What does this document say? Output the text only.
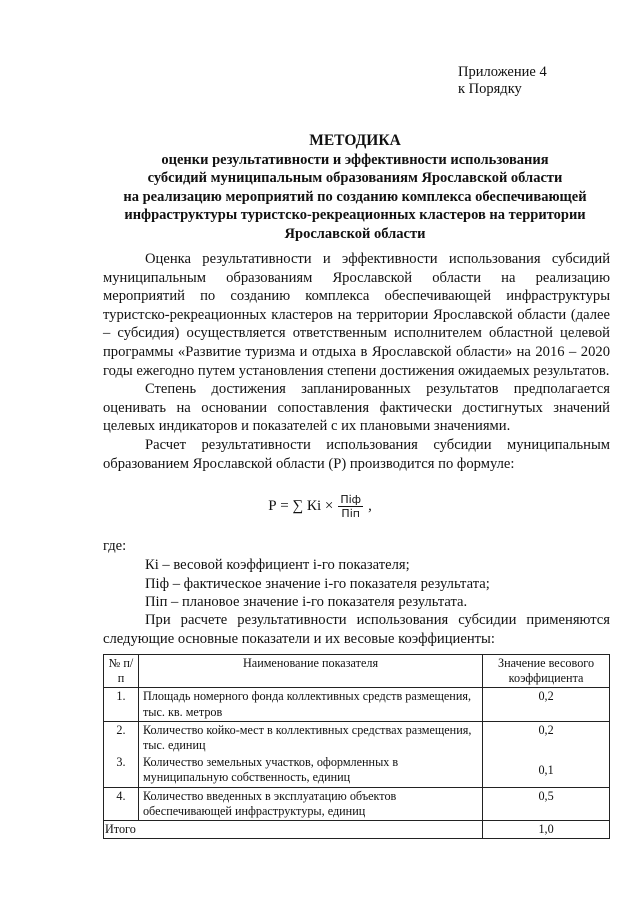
Приложение 4
к Порядку
МЕТОДИКА
оценки результативности и эффективности использования
субсидий муниципальным образованиям Ярославской области
на реализацию мероприятий по созданию комплекса обеспечивающей
инфраструктуры туристско-рекреационных кластеров на территории
Ярославской области

Оценка результативности и эффективности использования субсидий муниципальным образованиям Ярославской области на реализацию мероприятий по созданию комплекса обеспечивающей инфраструктуры туристско-рекреационных кластеров на территории Ярославской области (далее – субсидия) осуществляется ответственным исполнителем областной целевой программы «Развитие туризма и отдыха в Ярославской области» на 2016 – 2020 годы ежегодно путем установления степени достижения ожидаемых результатов.

Степень достижения запланированных результатов предполагается оценивать на основании сопоставления фактически достигнутых значений целевых индикаторов и показателей с их плановыми значениями.

Расчет результативности использования субсидии муниципальным образованием Ярославской области (Р) производится по формуле:

Р = ∑ Кi × $\frac{\text{Піф}}{\text{Піп}}$ ,
где:
Кi – весовой коэффициент i-го показателя;
Піф – фактическое значение i-го показателя результата;
Піп – плановое значение i-го показателя результата.

При расчете результативности использования субсидии применяются следующие основные показатели и их весовые коэффициенты:

№ п/п	Наименование показателя	Значение весового коэффициента
1.	Площадь номерного фонда коллективных средств размещения, тыс. кв. метров	0,2
2.	Количество койко-мест в коллективных средствах размещения, тыс. единиц	0,2
3.	Количество земельных участков, оформленных в муниципальную собственность, единиц	0,1
4.	Количество введенных в эксплуатацию объектов обеспечивающей инфраструктуры, единиц	0,5
Итого		1,0
